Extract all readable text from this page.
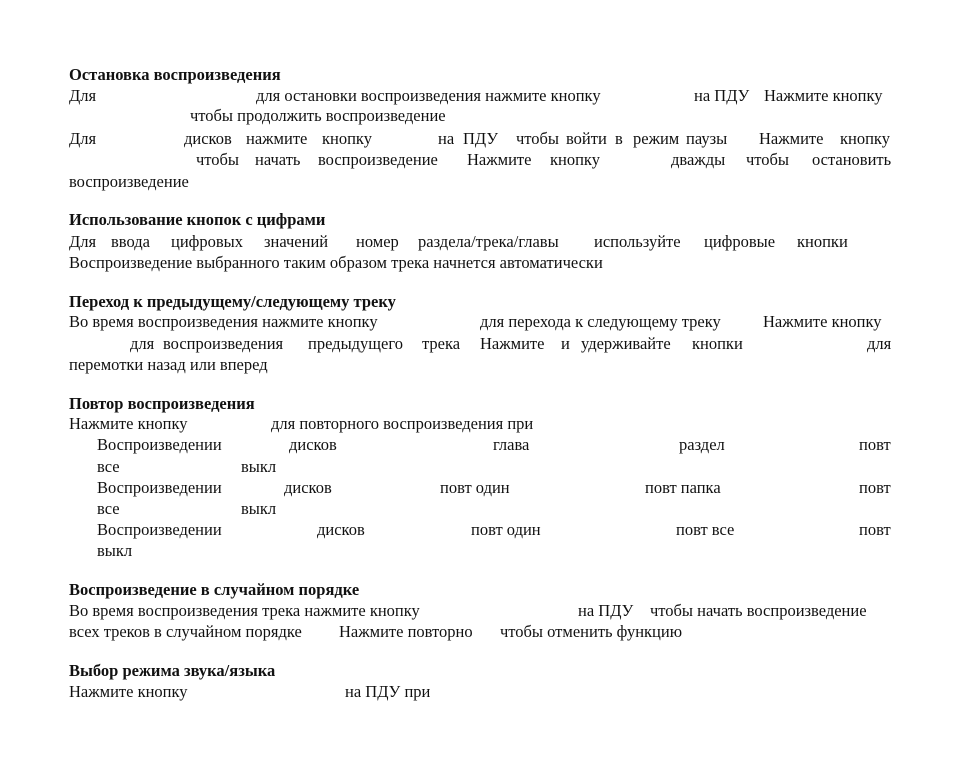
Остановка воспроизведения
Для	для остановки воспроизведения нажмите кнопку	на ПДУ Нажмите кнопку
чтобы продолжить воспроизведение
Для	дисков нажмите кнопку	на ПДУ чтобы войти в режим паузы Нажмите кнопку
чтобы начать воспроизведение Нажмите кнопку	дважды чтобы остановить
воспроизведение
Использование кнопок с цифрами
Для ввода цифровых значений номер раздела/трека/главы используйте цифровые кнопки
Воспроизведение выбранного таким образом трека начнется автоматически
Переход к предыдущему/следующему треку
Во время воспроизведения нажмите кнопку	для перехода к следующему треку	Нажмите кнопку
для воспроизведения предыдущего трека Нажмите и удерживайте кнопки	для
перемотки назад или вперед
Повтор воспроизведения
Нажмите кнопку	для повторного воспроизведения при
Воспроизведении	дисков	глава	раздел	повт
все	выкл
Воспроизведении	дисков	повт один	повт папка	повт
все	выкл
Воспроизведении	дисков	повт один	повт все	повт
выкл
Воспроизведение в случайном порядке
Во время воспроизведения трека нажмите кнопку	на ПДУ чтобы начать воспроизведение
всех треков в случайном порядке Нажмите повторно чтобы отменить функцию
Выбор режима звука/языка
Нажмите кнопку	на ПДУ при
